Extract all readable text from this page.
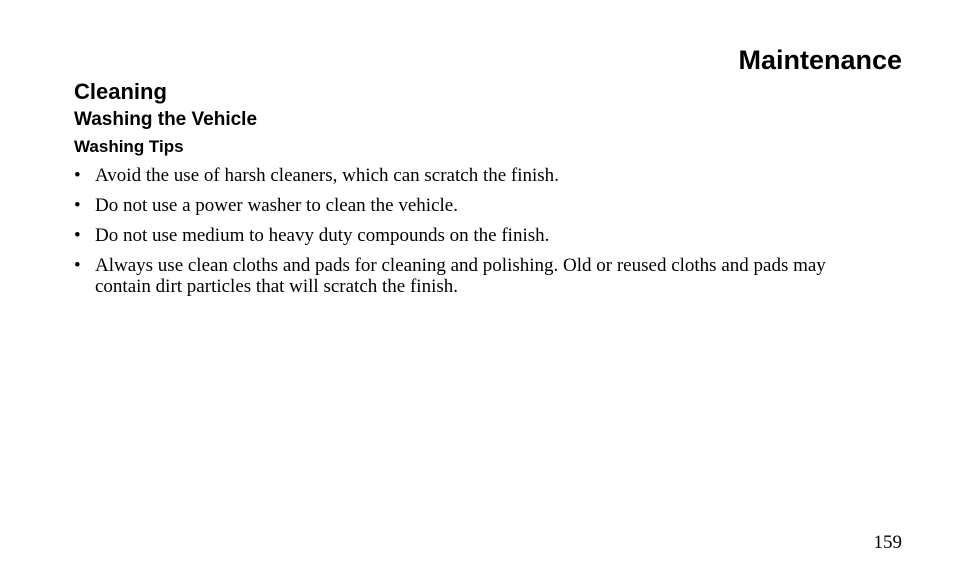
Maintenance
Cleaning
Washing the Vehicle
Washing Tips
• Avoid the use of harsh cleaners, which can scratch the finish.
• Do not use a power washer to clean the vehicle.
• Do not use medium to heavy duty compounds on the finish.
• Always use clean cloths and pads for cleaning and polishing. Old or reused cloths and pads may contain dirt particles that will scratch the finish.

159
